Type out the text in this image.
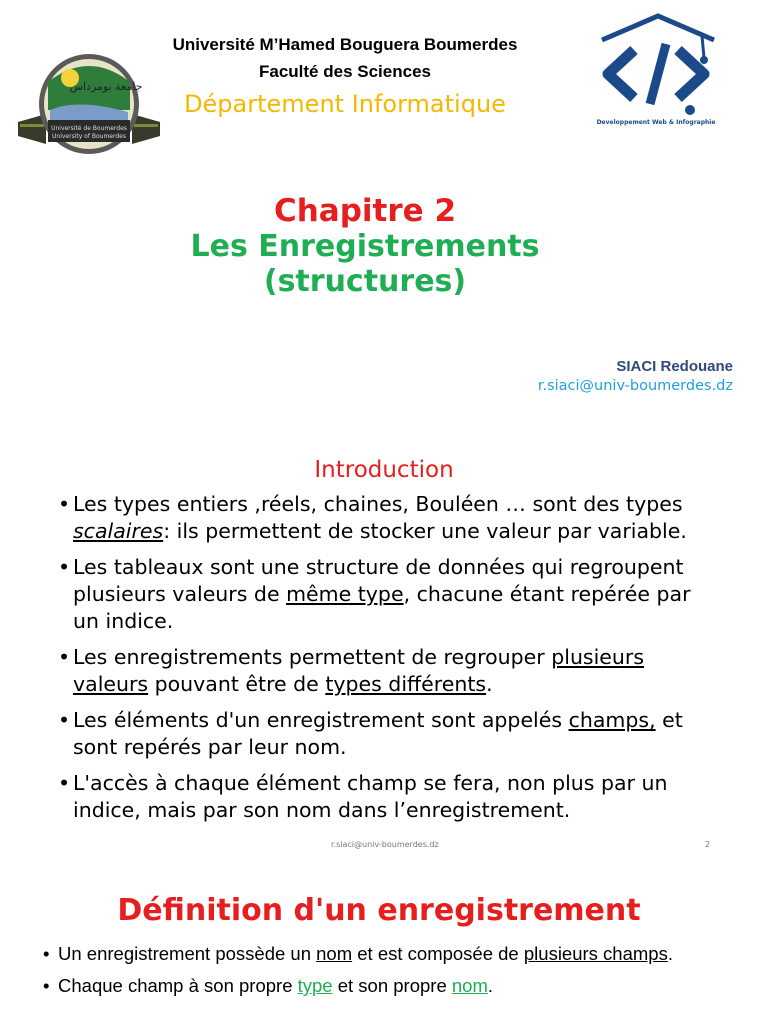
جامعة بومرداس
Université de Boumerdes
University of Boumerdes
Université M’Hamed Bouguera Boumerdes
Faculté des Sciences
Département Informatique
Developpement Web & Infographie
Chapitre 2
Les Enregistrements
(structures)
SIACI Redouane
r.siaci@univ-boumerdes.dz
Introduction
• Les types entiers ,réels, chaines, Bouléen … sont des types scalaires: ils permettent de stocker une valeur par variable.
• Les tableaux sont une structure de données qui regroupent plusieurs valeurs de même type, chacune étant repérée par un indice.
• Les enregistrements permettent de regrouper plusieurs valeurs pouvant être de types différents.
• Les éléments d'un enregistrement sont appelés champs, et sont repérés par leur nom.
• L'accès à chaque élément champ se fera, non plus par un indice, mais par son nom dans l’enregistrement.
r.siaci@univ-boumerdes.dz	2
Définition d'un enregistrement
• Un enregistrement possède un nom et est composée de plusieurs champs.
• Chaque champ à son propre type et son propre nom.
